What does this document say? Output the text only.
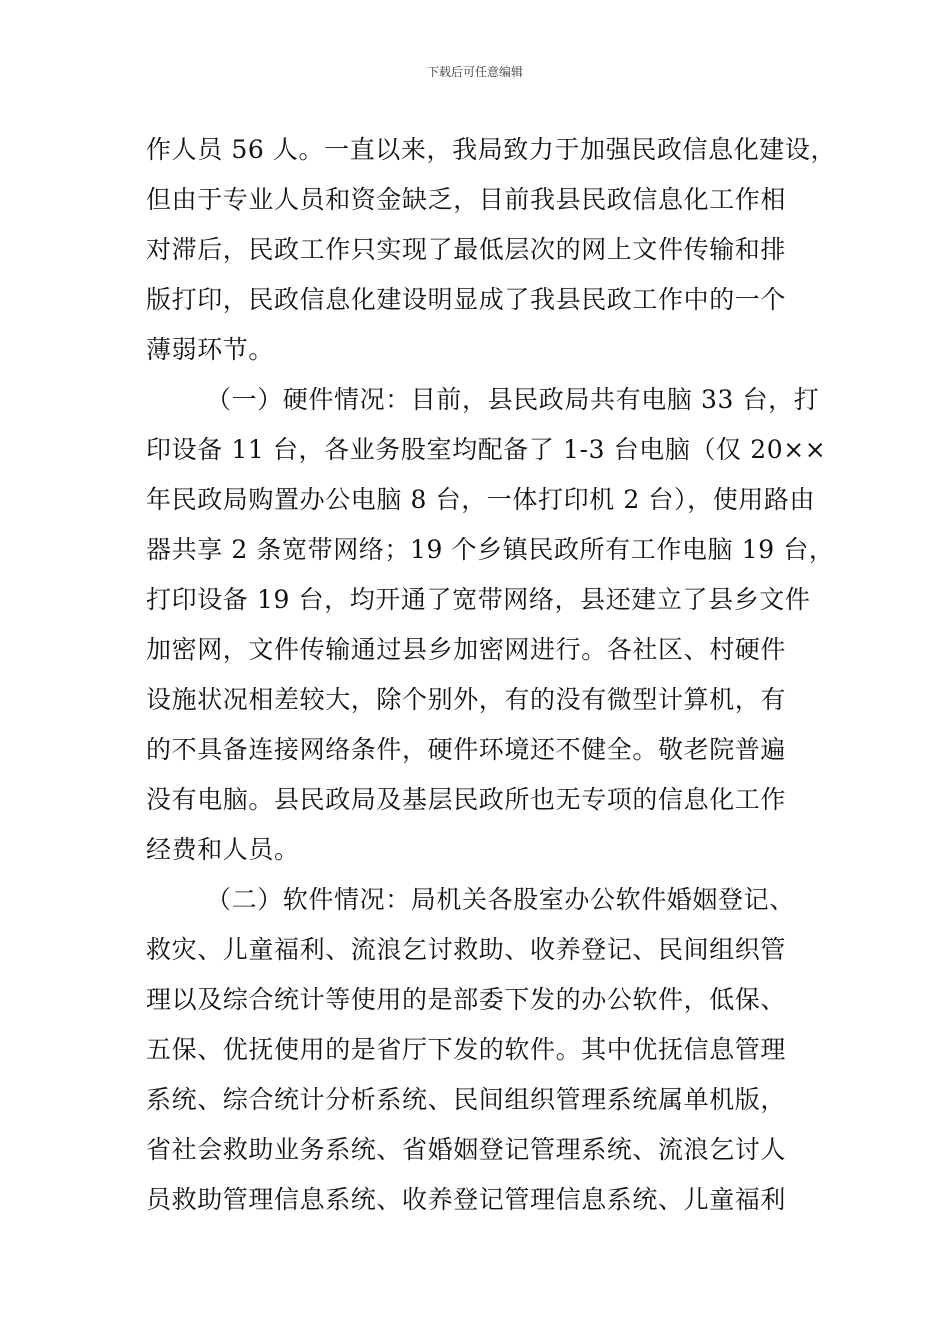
下载后可任意编辑
作人员 56 人。一直以来，我局致力于加强民政信息化建设，
但由于专业人员和资金缺乏，目前我县民政信息化工作相
对滞后，民政工作只实现了最低层次的网上文件传输和排
版打印，民政信息化建设明显成了我县民政工作中的一个
薄弱环节。
（一）硬件情况：目前，县民政局共有电脑 33 台，打
印设备 11 台，各业务股室均配备了 1-3 台电脑（仅 20××
年民政局购置办公电脑 8 台，一体打印机 2 台），使用路由
器共享 2 条宽带网络；19 个乡镇民政所有工作电脑 19 台，
打印设备 19 台，均开通了宽带网络，县还建立了县乡文件
加密网，文件传输通过县乡加密网进行。各社区、村硬件
设施状况相差较大，除个别外，有的没有微型计算机，有
的不具备连接网络条件，硬件环境还不健全。敬老院普遍
没有电脑。县民政局及基层民政所也无专项的信息化工作
经费和人员。
（二）软件情况：局机关各股室办公软件婚姻登记、
救灾、儿童福利、流浪乞讨救助、收养登记、民间组织管
理以及综合统计等使用的是部委下发的办公软件，低保、
五保、优抚使用的是省厅下发的软件。其中优抚信息管理
系统、综合统计分析系统、民间组织管理系统属单机版，
省社会救助业务系统、省婚姻登记管理系统、流浪乞讨人
员救助管理信息系统、收养登记管理信息系统、儿童福利
